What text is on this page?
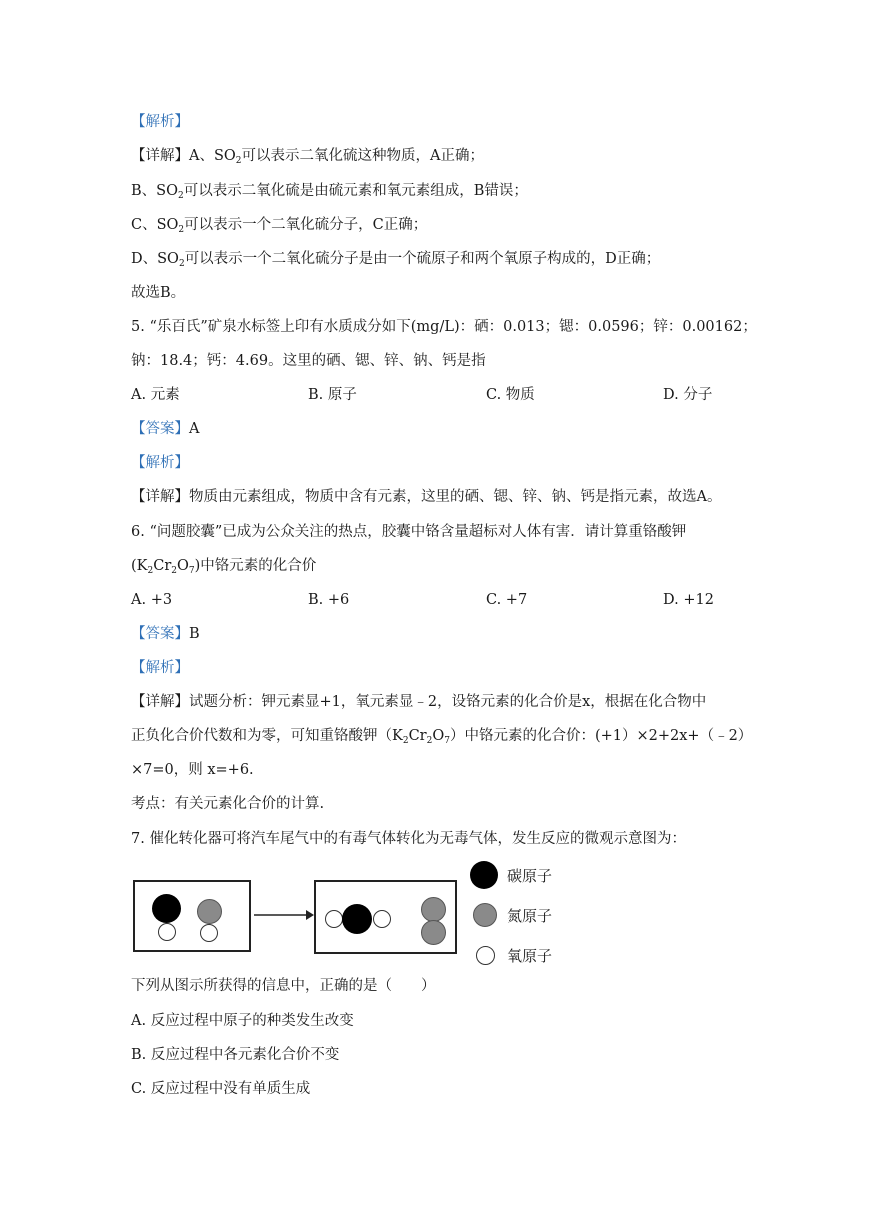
【解析】
【详解】A、$SO_2$可以表示二氧化硫这种物质，A正确；
B、$SO_2$可以表示二氧化硫是由硫元素和氧元素组成，B错误；
C、$SO_2$可以表示一个二氧化硫分子，C正确；
D、$SO_2$可以表示一个二氧化硫分子是由一个硫原子和两个氧原子构成的，D正确；
故选B。
5. “乐百氏”矿泉水标签上印有水质成分如下(mg/L)：硒：0.013；锶：0.0596；锌：0.00162；
钠：18.4；钙：4.69。这里的硒、锶、锌、钠、钙是指
A. 元素	B. 原子	C. 物质	D. 分子
【答案】A
【解析】
【详解】物质由元素组成，物质中含有元素，这里的硒、锶、锌、钠、钙是指元素，故选A。
6. “问题胶囊”已成为公众关注的热点，胶囊中铬含量超标对人体有害．请计算重铬酸钾
$(K_2Cr_2O_7)$中铬元素的化合价
A. +3	B. +6	C. +7	D. +12
【答案】B
【解析】
【详解】试题分析：钾元素显+1，氧元素显﹣2，设铬元素的化合价是x，根据在化合物中
正负化合价代数和为零，可知重铬酸钾$(K_2Cr_2O_7)$中铬元素的化合价：(+1）×2+2x+（﹣2）
×7=0，则 x=+6.
考点：有关元素化合价的计算.
7. 催化转化器可将汽车尾气中的有毒气体转化为无毒气体，发生反应的微观示意图为：
碳原子
氮原子
氧原子
下列从图示所获得的信息中，正确的是（　　）
A. 反应过程中原子的种类发生改变
B. 反应过程中各元素化合价不变
C. 反应过程中没有单质生成
